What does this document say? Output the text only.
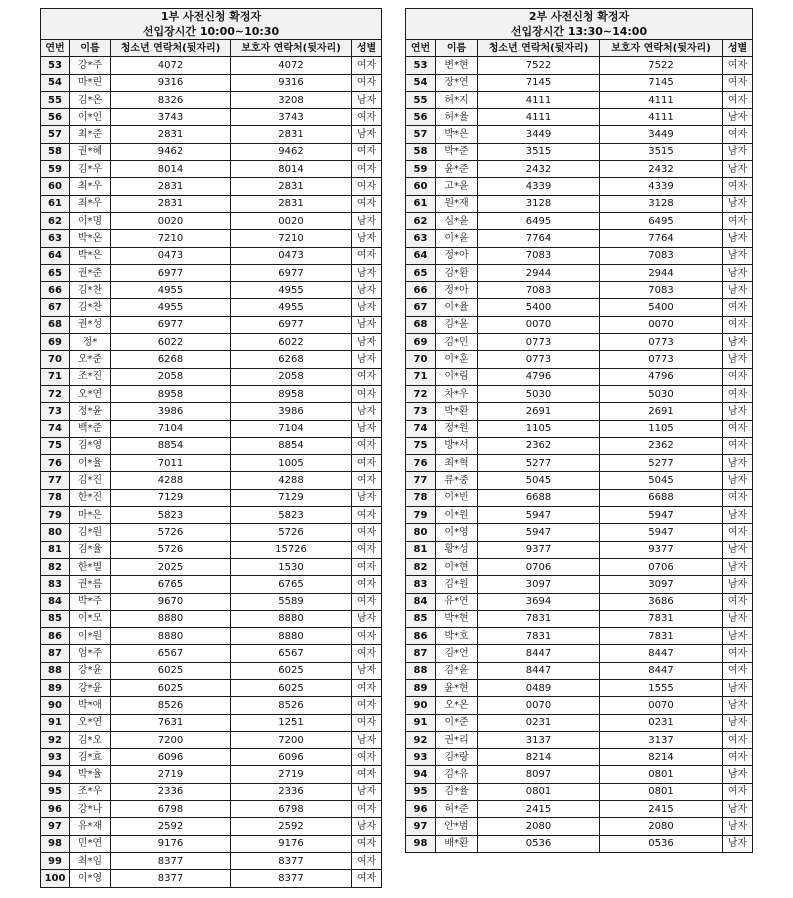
1부 사전신청 확정자
선입장시간 10:00~10:30				

연번	이름	청소년 연락처(뒷자리)	보호자 연락처(뒷자리)	성별
53	강*주	4072	4072	여자
54	마*린	9316	9316	여자
55	김*온	8326	3208	남자
56	이*인	3743	3743	여자
57	최*준	2831	2831	남자
58	권*혜	9462	9462	여자
59	김*우	8014	8014	여자
60	최*우	2831	2831	여자
61	최*우	2831	2831	여자
62	이*명	0020	0020	남자
63	박*온	7210	7210	남자
64	박*은	0473	0473	여자
65	권*준	6977	6977	남자
66	김*찬	4955	4955	남자
67	김*찬	4955	4955	남자
68	권*성	6977	6977	남자
69	정*	6022	6022	남자
70	오*준	6268	6268	남자
71	조*진	2058	2058	여자
72	오*연	8958	8958	여자
73	정*윤	3986	3986	남자
74	백*준	7104	7104	남자
75	김*영	8854	8854	여자
76	이*율	7011	1005	여자
77	김*진	4288	4288	여자
78	한*진	7129	7129	남자
79	마*은	5823	5823	여자
80	김*원	5726	5726	여자
81	김*율	5726	15726	여자
82	한*별	2025	1530	여자
83	권*름	6765	6765	여자
84	박*주	9670	5589	여자
85	이*모	8880	8880	남자
86	이*원	8880	8880	여자
87	엄*주	6567	6567	여자
88	강*윤	6025	6025	남자
89	강*윤	6025	6025	여자
90	박*애	8526	8526	여자
91	오*연	7631	1251	여자
92	김*오	7200	7200	남자
93	김*효	6096	6096	여자
94	박*율	2719	2719	여자
95	조*우	2336	2336	남자
96	강*나	6798	6798	여자
97	유*재	2592	2592	남자
98	민*연	9176	9176	여자
99	최*임	8377	8377	여자
100	이*영	8377	8377	여자
2부 사전신청 확정자
선입장시간 13:30~14:00				

연번	이름	청소년 연락처(뒷자리)	보호자 연락처(뒷자리)	성별
53	변*현	7522	7522	여자
54	장*연	7145	7145	여자
55	허*지	4111	4111	여자
56	허*율	4111	4111	남자
57	박*은	3449	3449	여자
58	박*준	3515	3515	남자
59	윤*준	2432	2432	남자
60	고*윤	4339	4339	여자
61	원*재	3128	3128	남자
62	심*윤	6495	6495	여자
63	이*윤	7764	7764	남자
64	정*아	7083	7083	남자
65	김*환	2944	2944	남자
66	정*아	7083	7083	남자
67	이*율	5400	5400	여자
68	김*윤	0070	0070	여자
69	김*민	0773	0773	남자
70	이*훈	0773	0773	남자
71	이*림	4796	4796	여자
72	차*우	5030	5030	여자
73	박*환	2691	2691	남자
74	정*원	1105	1105	여자
75	방*서	2362	2362	여자
76	최*혁	5277	5277	남자
77	류*중	5045	5045	남자
78	이*빈	6688	6688	여자
79	이*원	5947	5947	남자
80	이*영	5947	5947	여자
81	황*성	9377	9377	남자
82	이*현	0706	0706	남자
83	김*원	3097	3097	남자
84	유*연	3694	3686	여자
85	박*현	7831	7831	남자
86	박*호	7831	7831	남자
87	김*언	8447	8447	여자
88	김*윤	8447	8447	여자
89	윤*현	0489	1555	남자
90	오*온	0070	0070	남자
91	이*준	0231	0231	남자
92	권*리	3137	3137	여자
93	김*랑	8214	8214	여자
94	김*유	8097	0801	남자
95	김*율	0801	0801	여자
96	허*준	2415	2415	남자
97	안*범	2080	2080	남자
98	배*환	0536	0536	남자
